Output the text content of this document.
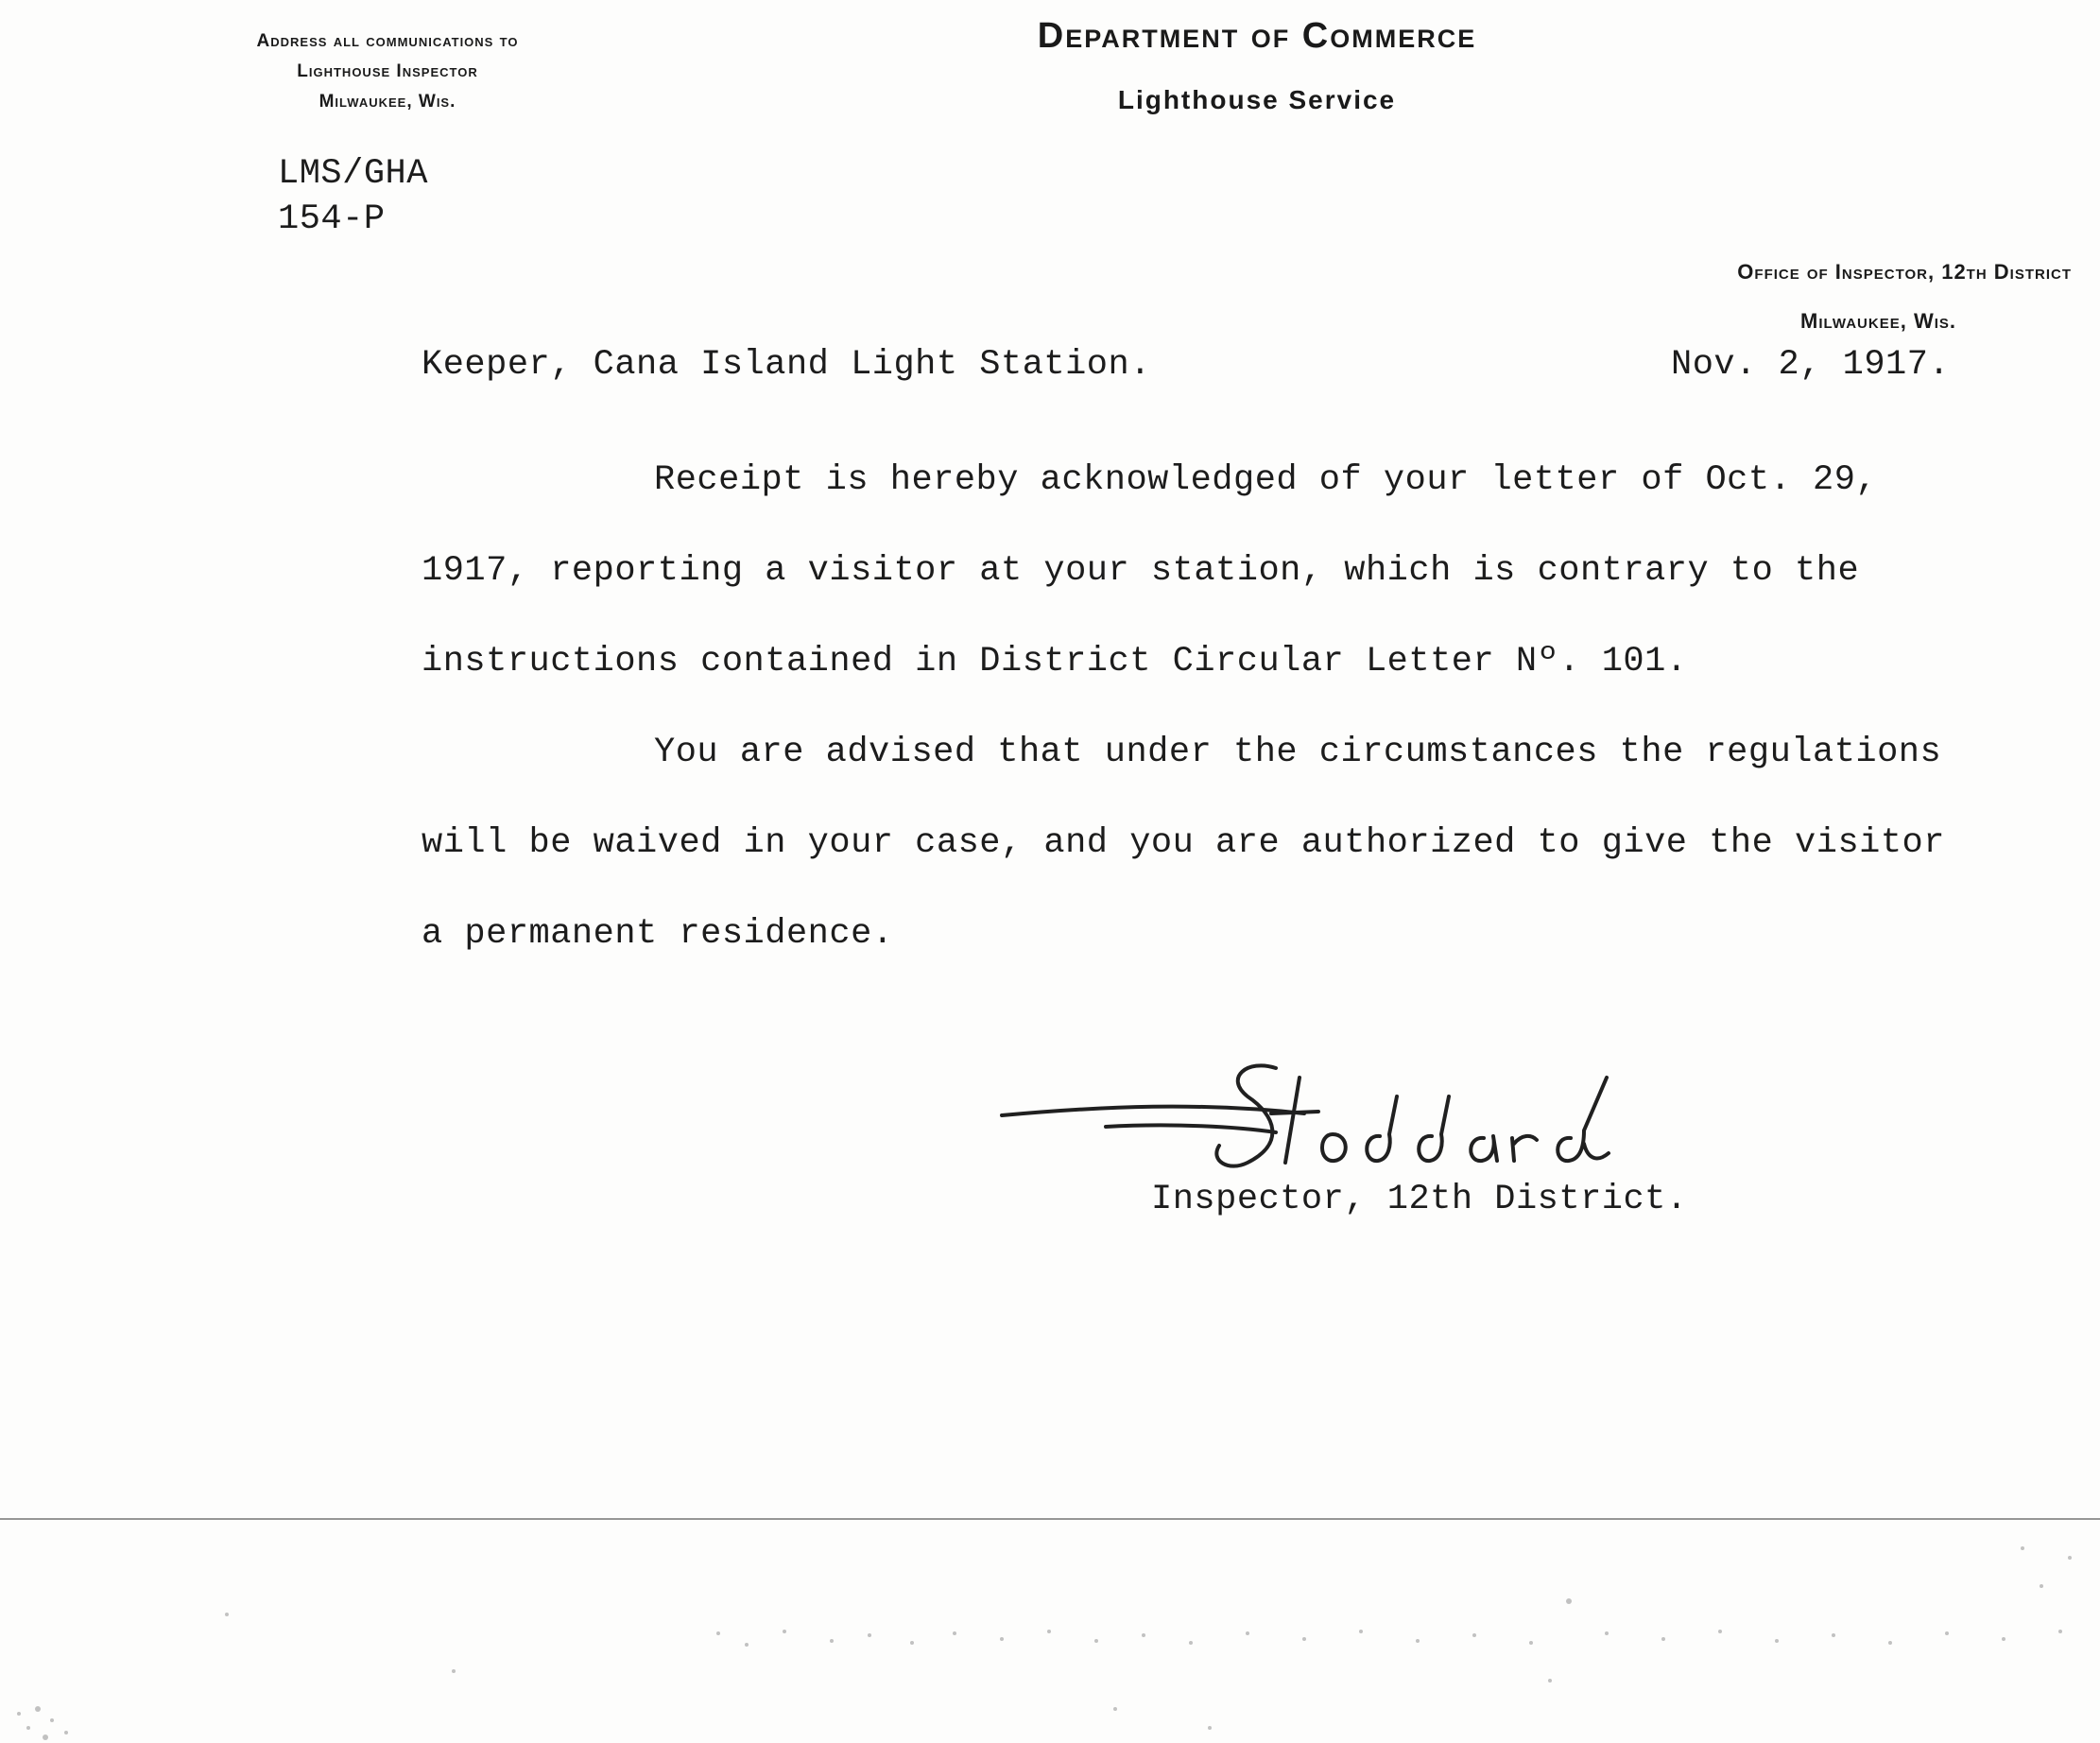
Address all communications to
Lighthouse Inspector
Milwaukee, Wis.
Department of Commerce
Lighthouse Service
Office of Inspector, 12th District
Milwaukee, Wis.
LMS/GHA
154-P
Keeper, Cana Island Light Station.	Nov. 2, 1917.

Receipt is hereby acknowledged of your letter of Oct. 29,

1917, reporting a visitor at your station, which is contrary to the

instructions contained in District Circular Letter Nº. 101.

You are advised that under the circumstances the regulations

will be waived in your case, and you are authorized to give the visitor

a permanent residence.

Inspector, 12th District.
